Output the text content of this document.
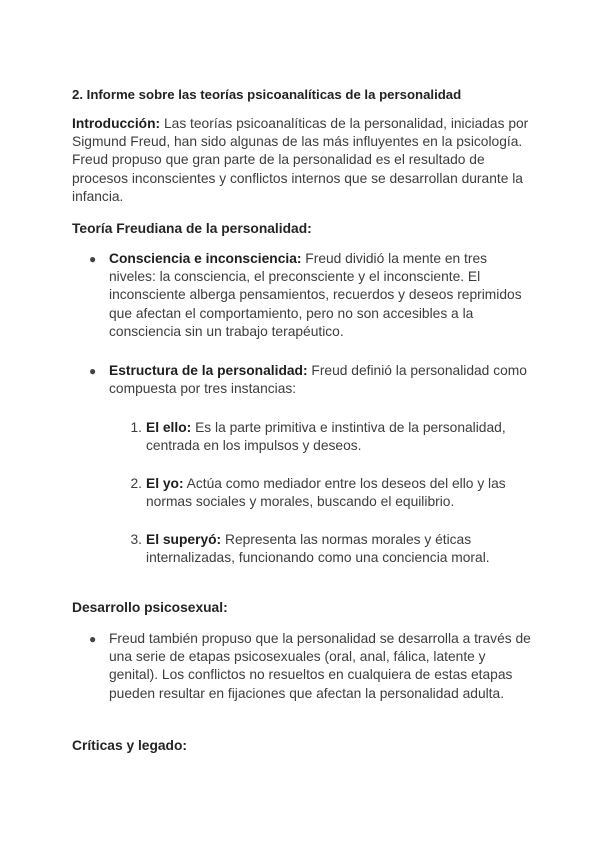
2. Informe sobre las teorías psicoanalíticas de la personalidad
Introducción: Las teorías psicoanalíticas de la personalidad, iniciadas por Sigmund Freud, han sido algunas de las más influyentes en la psicología. Freud propuso que gran parte de la personalidad es el resultado de procesos inconscientes y conflictos internos que se desarrollan durante la infancia.
Teoría Freudiana de la personalidad:
● Consciencia e inconsciencia: Freud dividió la mente en tres niveles: la consciencia, el preconsciente y el inconsciente. El inconsciente alberga pensamientos, recuerdos y deseos reprimidos que afectan el comportamiento, pero no son accesibles a la consciencia sin un trabajo terapéutico.
● Estructura de la personalidad: Freud definió la personalidad como compuesta por tres instancias:
1. El ello: Es la parte primitiva e instintiva de la personalidad, centrada en los impulsos y deseos.
2. El yo: Actúa como mediador entre los deseos del ello y las normas sociales y morales, buscando el equilibrio.
3. El superyó: Representa las normas morales y éticas internalizadas, funcionando como una conciencia moral.
Desarrollo psicosexual:
● Freud también propuso que la personalidad se desarrolla a través de una serie de etapas psicosexuales (oral, anal, fálica, latente y genital). Los conflictos no resueltos en cualquiera de estas etapas pueden resultar en fijaciones que afectan la personalidad adulta.
Críticas y legado:
